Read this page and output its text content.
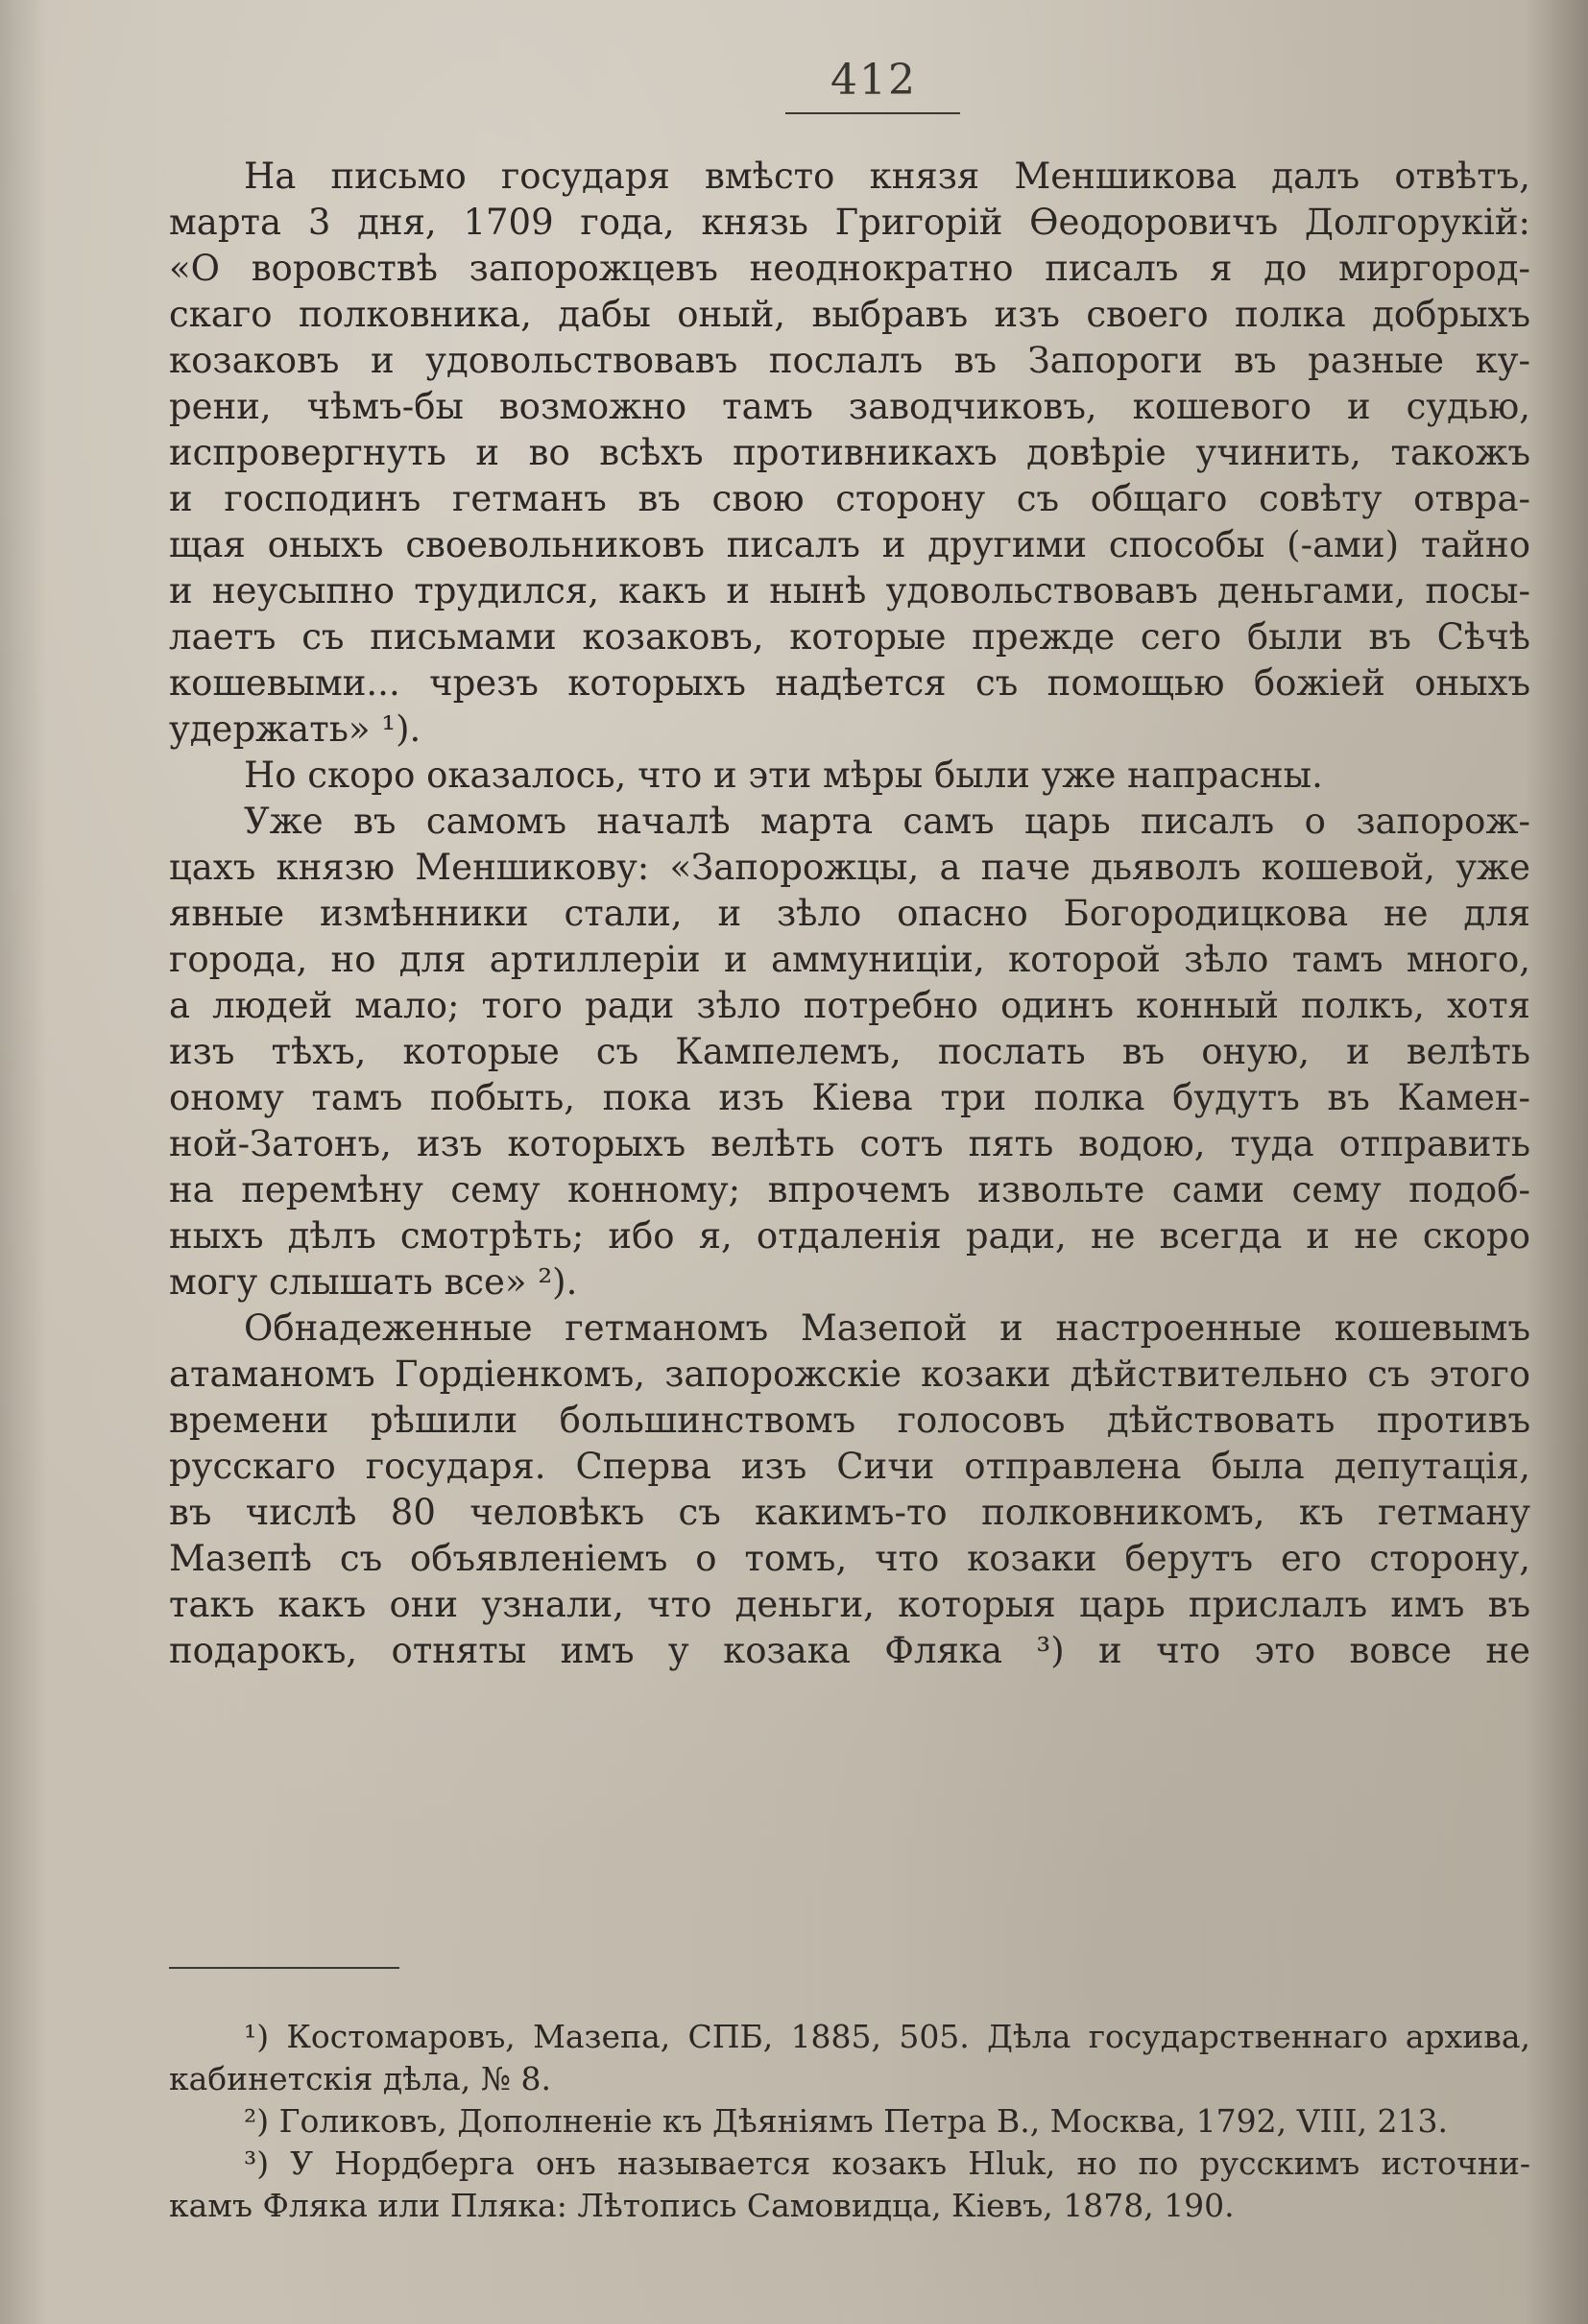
412
На письмо государя вмѣсто князя Меншикова далъ отвѣтъ,
марта 3 дня, 1709 года, князь Григорій Ѳеодоровичъ Долгорукій:
«О воровствѣ запорожцевъ неоднократно писалъ я до миргород-
скаго полковника, дабы оный, выбравъ изъ своего полка добрыхъ
козаковъ и удовольствовавъ послалъ въ Запороги въ разные ку-
рени, чѣмъ-бы возможно тамъ заводчиковъ, кошевого и судью,
испровергнуть и во всѣхъ противникахъ довѣріе учинить, такожъ
и господинъ гетманъ въ свою сторону съ общаго совѣту отвра-
щая оныхъ своевольниковъ писалъ и другими способы (-ами) тайно
и неусыпно трудился, какъ и нынѣ удовольствовавъ деньгами, посы-
лаетъ съ письмами козаковъ, которые прежде сего были въ Сѣчѣ
кошевыми... чрезъ которыхъ надѣется съ помощью божіей оныхъ
удержать» ¹).
Но скоро оказалось, что и эти мѣры были уже напрасны.
Уже въ самомъ началѣ марта самъ царь писалъ о запорож-
цахъ князю Меншикову: «Запорожцы, а паче дьяволъ кошевой, уже
явные измѣнники стали, и зѣло опасно Богородицкова не для
города, но для артиллеріи и аммуниціи, которой зѣло тамъ много,
а людей мало; того ради зѣло потребно одинъ конный полкъ, хотя
изъ тѣхъ, которые съ Кампелемъ, послать въ оную, и велѣть
оному тамъ побыть, пока изъ Кіева три полка будутъ въ Камен-
ной-Затонъ, изъ которыхъ велѣть сотъ пять водою, туда отправить
на перемѣну сему конному; впрочемъ извольте сами сему подоб-
ныхъ дѣлъ смотрѣть; ибо я, отдаленія ради, не всегда и не скоро
могу слышать все» ²).
Обнадеженные гетманомъ Мазепой и настроенные кошевымъ
атаманомъ Гордіенкомъ, запорожскіе козаки дѣйствительно съ этого
времени рѣшили большинствомъ голосовъ дѣйствовать противъ
русскаго государя. Сперва изъ Сичи отправлена была депутація,
въ числѣ 80 человѣкъ съ какимъ-то полковникомъ, къ гетману
Мазепѣ съ объявленіемъ о томъ, что козаки берутъ его сторону,
такъ какъ они узнали, что деньги, которыя царь прислалъ имъ въ
подарокъ, отняты имъ у козака Фляка ³) и что это вовсе не
¹) Костомаровъ, Мазепа, СПБ, 1885, 505. Дѣла государственнаго архива,
кабинетскія дѣла, № 8.
²) Голиковъ, Дополненіе къ Дѣяніямъ Петра В., Москва, 1792, VIII, 213.
³) У Нордберга онъ называется козакъ Hluk, но по русскимъ источни-
камъ Фляка или Пляка: Лѣтопись Самовидца, Кіевъ, 1878, 190.
